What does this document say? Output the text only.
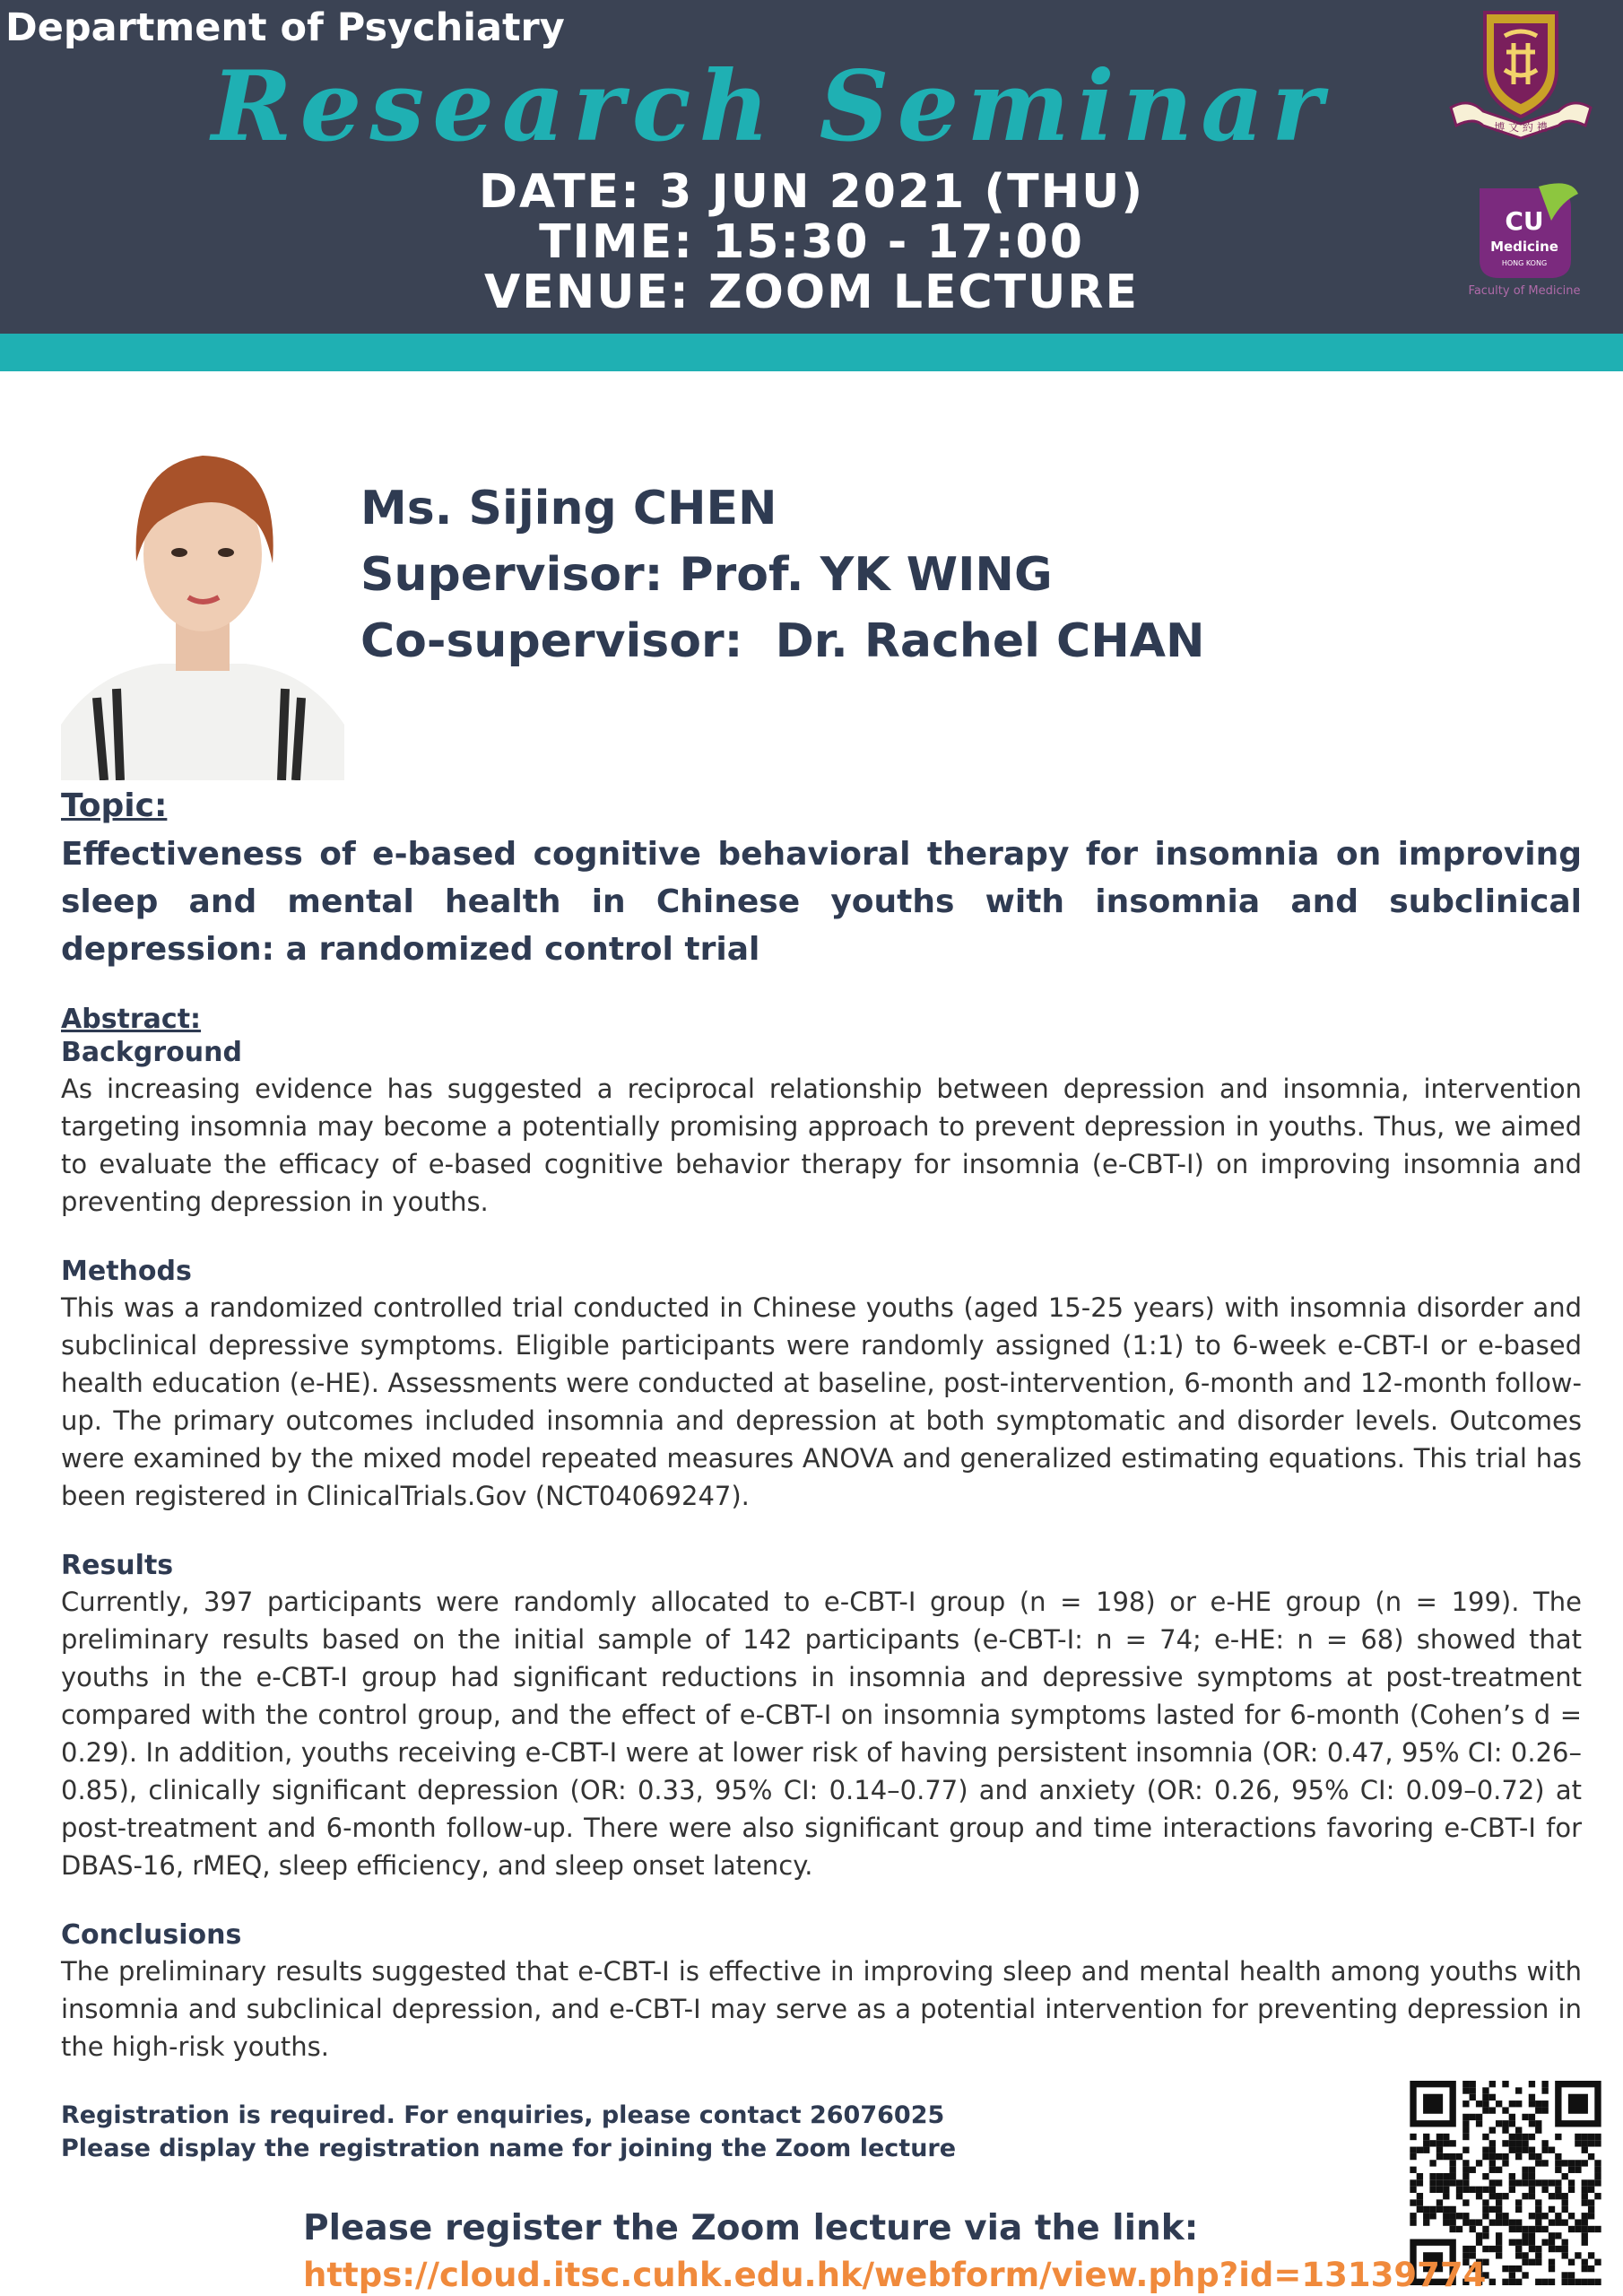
Department of Psychiatry
Research Seminar
DATE: 3 JUN 2021 (THU)
TIME: 15:30 - 17:00
VENUE: ZOOM LECTURE
博 文 約 禮
CU
Medicine
HONG KONG
Faculty of Medicine
Ms. Sijing CHEN
Supervisor: Prof. YK WING
Co-supervisor:  Dr. Rachel CHAN
Topic:

Effectiveness of e-based cognitive behavioral therapy for insomnia on improving sleep and mental health in Chinese youths with insomnia and subclinical depression: a randomized control trial

Abstract:
Background

As increasing evidence has suggested a reciprocal relationship between depression and insomnia, intervention targeting insomnia may become a potentially promising approach to prevent depression in youths. Thus, we aimed to evaluate the efficacy of e-based cognitive behavior therapy for insomnia (e-CBT-I) on improving insomnia and preventing depression in youths.

Methods

This was a randomized controlled trial conducted in Chinese youths (aged 15-25 years) with insomnia disorder and subclinical depressive symptoms. Eligible participants were randomly assigned (1:1) to 6-week e-CBT-I or e-based health education (e-HE). Assessments were conducted at baseline, post-intervention, 6-month and 12-month follow-up. The primary outcomes included insomnia and depression at both symptomatic and disorder levels. Outcomes were examined by the mixed model repeated measures ANOVA and generalized estimating equations. This trial has been registered in ClinicalTrials.Gov (NCT04069247).

Results

Currently, 397 participants were randomly allocated to e-CBT-I group (n = 198) or e-HE group (n = 199). The preliminary results based on the initial sample of 142 participants (e-CBT-I: n = 74; e-HE: n = 68) showed that youths in the e-CBT-I group had significant reductions in insomnia and depressive symptoms at post-treatment compared with the control group, and the effect of e-CBT-I on insomnia symptoms lasted for 6-month (Cohen’s d = 0.29). In addition, youths receiving e-CBT-I were at lower risk of having persistent insomnia (OR: 0.47, 95% CI: 0.26–0.85), clinically significant depression (OR: 0.33, 95% CI: 0.14–0.77) and anxiety (OR: 0.26, 95% CI: 0.09–0.72) at post-treatment and 6-month follow-up. There were also significant group and time interactions favoring e-CBT-I for DBAS-16, rMEQ, sleep efficiency, and sleep onset latency.

Conclusions

The preliminary results suggested that e-CBT-I is effective in improving sleep and mental health among youths with insomnia and subclinical depression, and e-CBT-I may serve as a potential intervention for preventing depression in the high-risk youths.

Registration is required. For enquiries, please contact 26076025
Please display the registration name for joining the Zoom lecture
Please register the Zoom lecture via the link:
https://cloud.itsc.cuhk.edu.hk/webform/view.php?id=13139774
